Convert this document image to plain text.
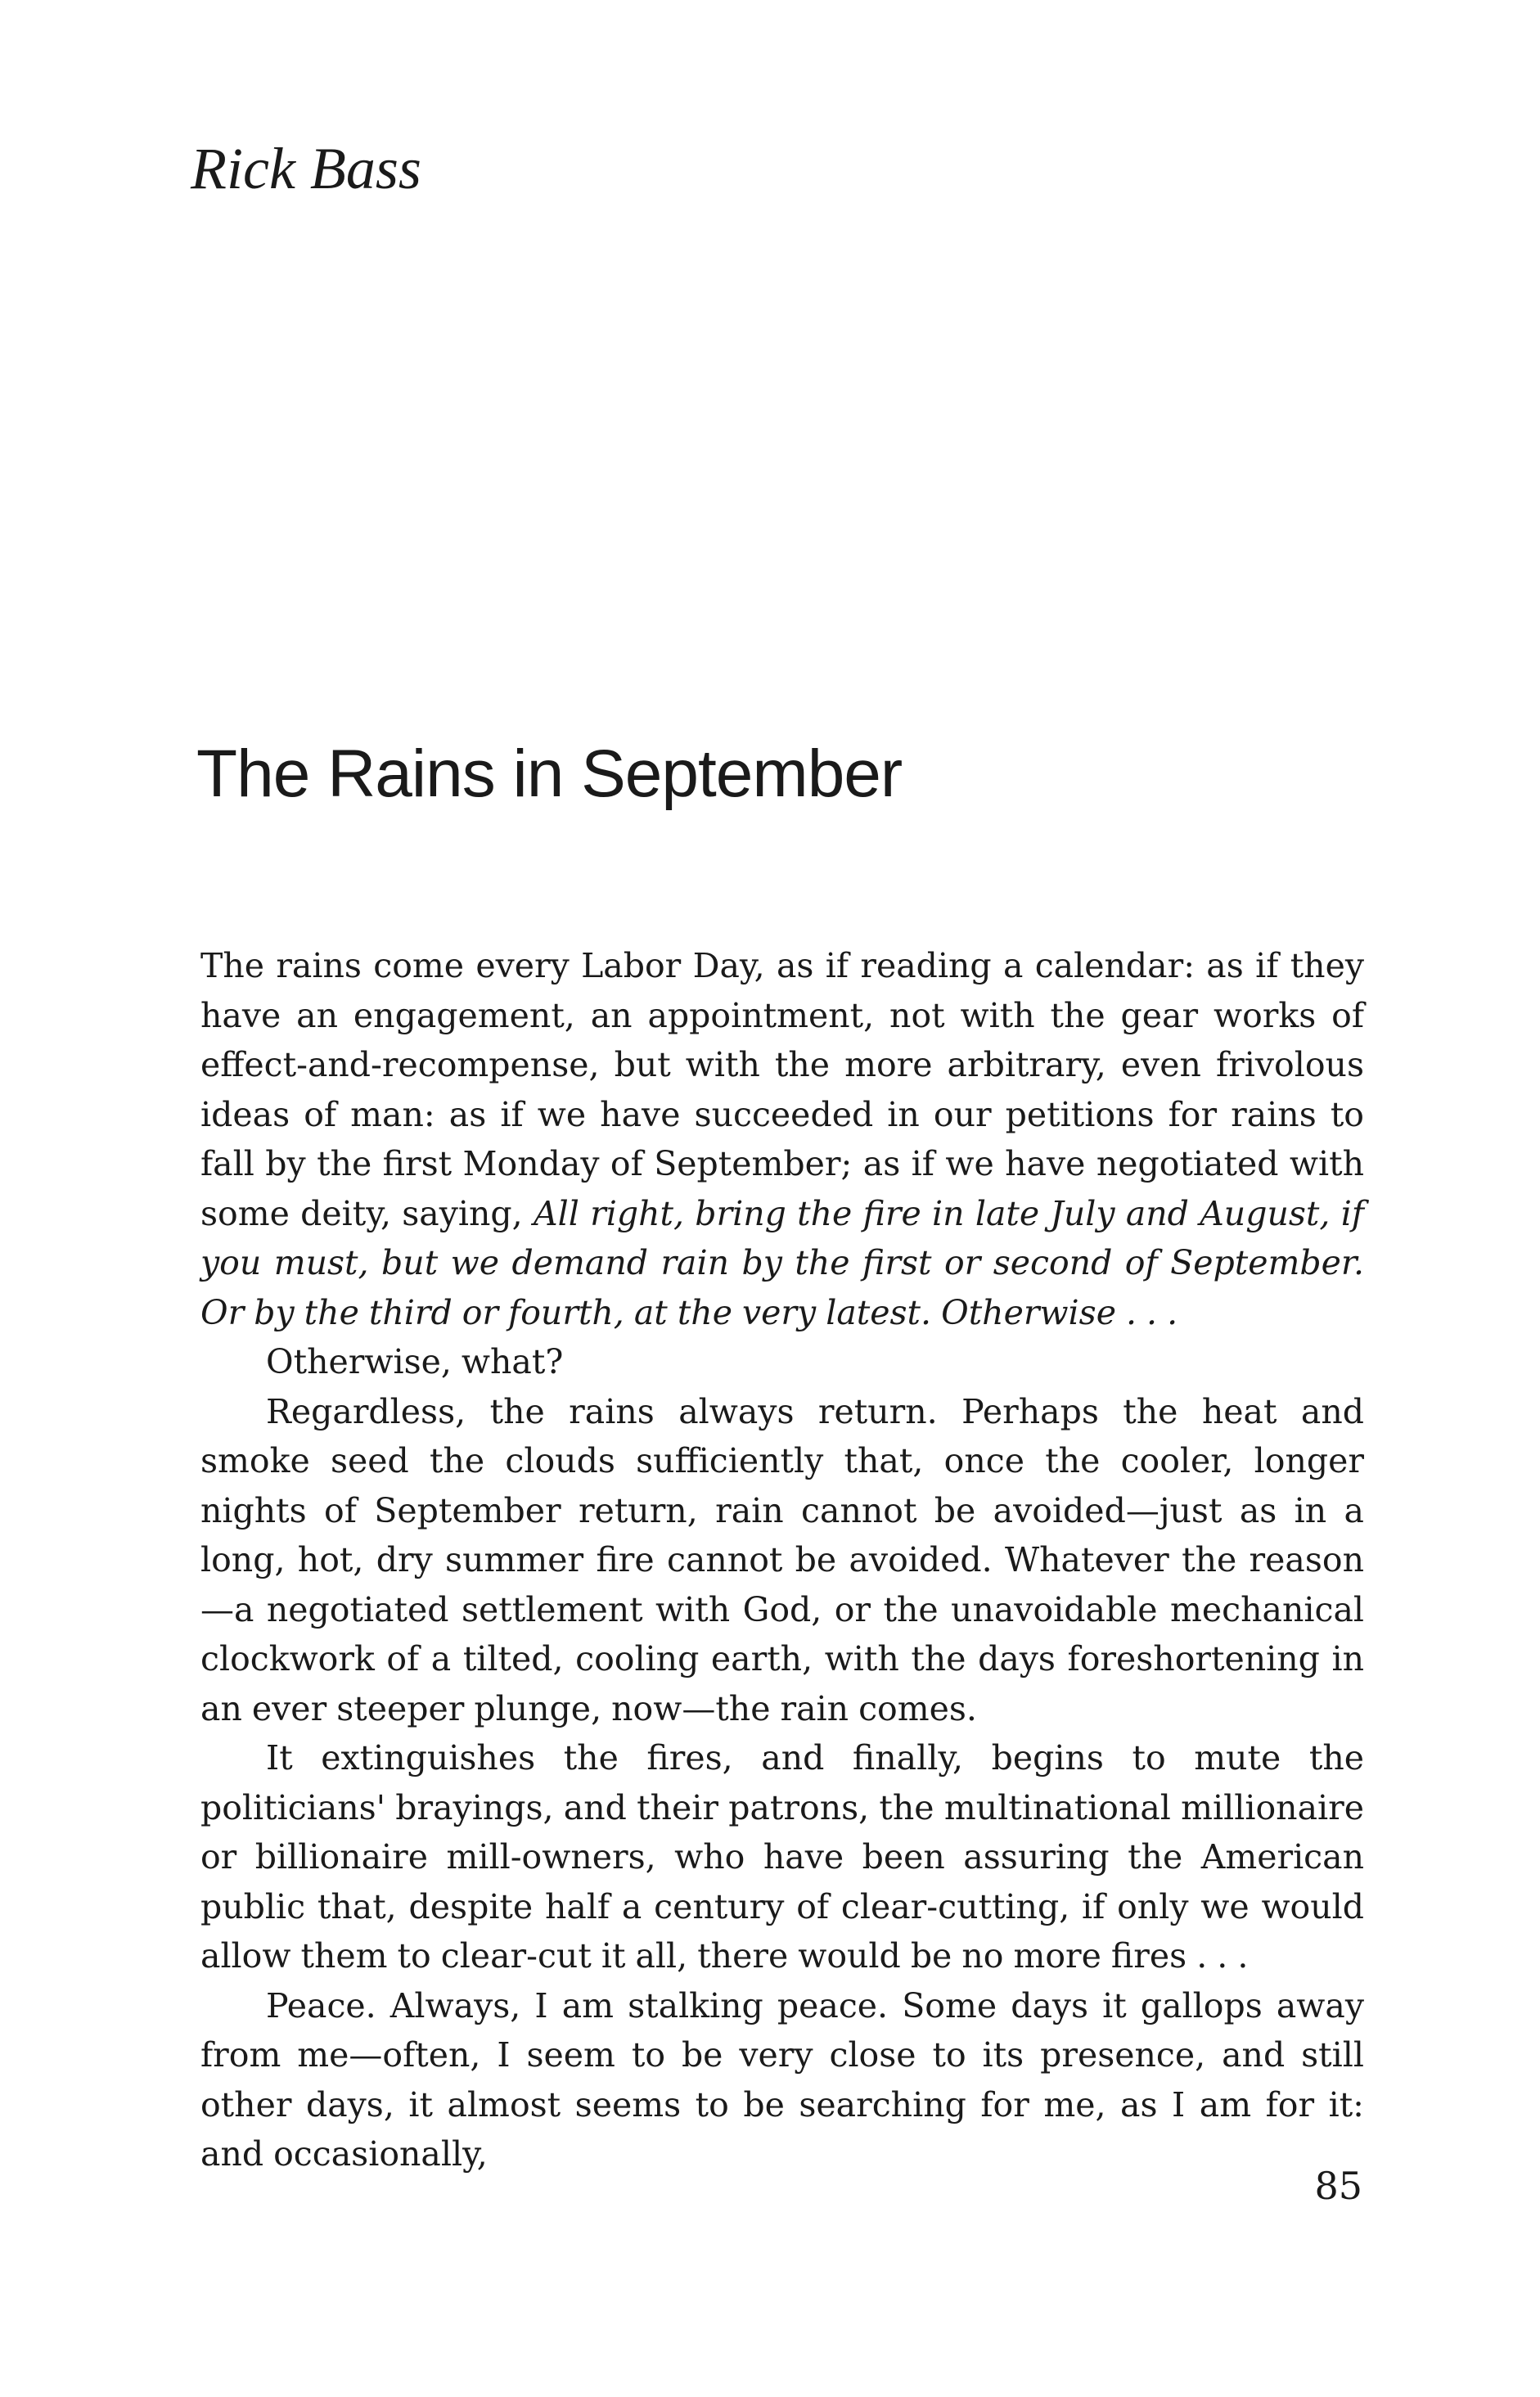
Rick Bass
The Rains in September

The rains come every Labor Day, as if reading a calendar: as if they have an engagement, an appointment, not with the gear works of effect-and-recompense, but with the more arbitrary, even frivolous ideas of man: as if we have succeeded in our petitions for rains to fall by the first Monday of September; as if we have negotiated with some deity, saying, All right, bring the fire in late July and August, if you must, but we demand rain by the first or second of September. Or by the third or fourth, at the very latest. Otherwise . . .

Otherwise, what?

Regardless, the rains always return. Perhaps the heat and smoke seed the clouds sufficiently that, once the cooler, longer nights of September return, rain cannot be avoided—just as in a long, hot, dry summer fire cannot be avoided. Whatever the reason—a negotiated settlement with God, or the unavoidable mechanical clockwork of a tilted, cooling earth, with the days foreshortening in an ever steeper plunge, now—the rain comes.

It extinguishes the fires, and finally, begins to mute the politicians' brayings, and their patrons, the multinational millionaire or billionaire mill-owners, who have been assuring the American public that, despite half a century of clear-cutting, if only we would allow them to clear-cut it all, there would be no more fires . . .

Peace. Always, I am stalking peace. Some days it gallops away from me—often, I seem to be very close to its presence, and still other days, it almost seems to be searching for me, as I am for it: and occasionally,

85
